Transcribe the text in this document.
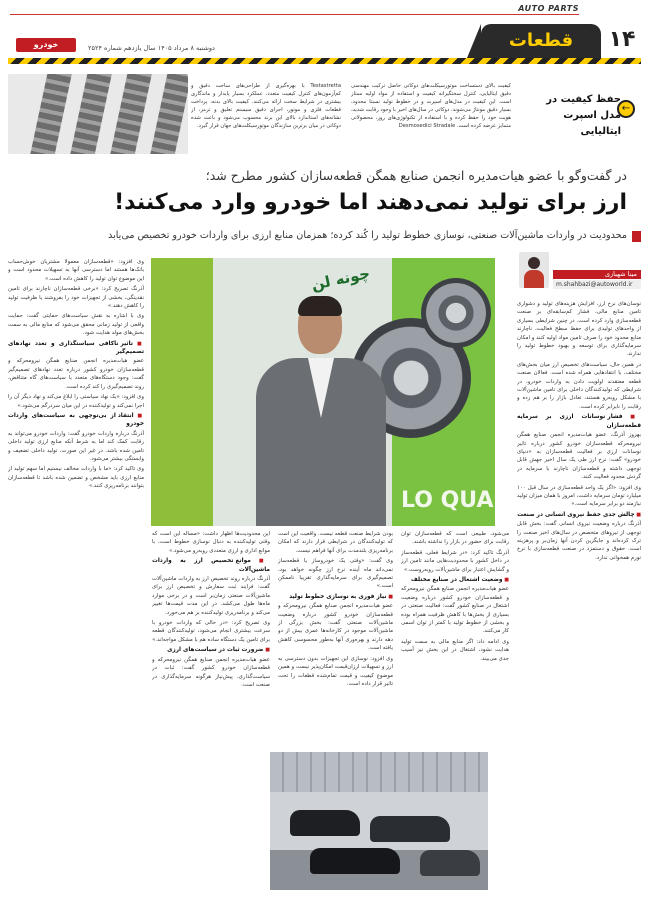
AUTO PARTS
۱۴
قطعات
دوشنبه ۸ مرداد ۱۴۰۵ سال یازدهم شماره ۲۵۲۴
خودرو
←
حفظ کیفیت در مدل اسپرت ایتالیایی
کیفیت بالای دستساخت موتورسیکلت‌های دوکاتی حاصل ترکیب مهندسی دقیق ایتالیایی، کنترل سختگیرانه کیفیت و استفاده از مواد اولیه ممتاز است. این کیفیت در مدل‌های اسپرت و در خطوط تولید نسبتا محدود، بسیار دقیق مونتاژ می‌شوند. دوکاتی در سال‌های اخیر با وجود رقابت شدید، هویت خود را حفظ کرده و با استفاده از تکنولوژی‌های روز، محصولاتی متمایز عرضه کرده است. Desmosedici Stradale
Testastretta با بهره‌گیری از طراحی‌های ساخت دقیق و کم‌آزمون‌های کنترل کیفیت متعدد، عملکرد بسیار پایدار و ماندگاری بیشتری در شرایط سخت ارائه می‌کنند. کیفیت بالای بدنه، پرداخت قطعات فلزی و موتور، اجرای دقیق سیستم تعلیق و ترمز، از نشانه‌های استاندارد بالای این برند محسوب می‌شود و باعث شده دوکاتی در میان برترین سازندگان موتورسیکلت‌های جهان قرار گیرد.
در گفت‌وگو با عضو هیات‌مدیره انجمن صنایع همگن قطعه‌سازان کشور مطرح شد؛
ارز برای تولید نمی‌دهند اما خودرو وارد می‌کنند!
محدودیت در واردات ماشین‌آلات صنعتی، نوسازی خطوط تولید را کُند کرده؛ همزمان منابع ارزی برای واردات خودرو تخصیص می‌یابد
مینا شهبازی
m.shahbazi@autoworld.ir
چونه لن
LO QUA

نوسان‌های نرخ ارز، افزایش هزینه‌های تولید و دشواری تامین منابع مالی، فشار کم‌سابقه‌ای بر صنعت قطعه‌سازی وارد کرده است. در چنین شرایطی بسیاری از واحدهای تولیدی برای حفظ سطح فعالیت، ناچارند منابع محدود خود را صرف تامین مواد اولیه کنند و امکان سرمایه‌گذاری برای توسعه و بهبود خطوط تولید را ندارند.

در همین حال، سیاست‌های تخصیص ارز میان بخش‌های مختلف، با انتقادهایی همراه شده است. فعالان صنعت قطعه معتقدند اولویت دادن به واردات خودرو، در شرایطی که تولیدکنندگان داخلی برای تامین ماشین‌آلات با مشکل روبه‌رو هستند، تعادل بازار را بر هم زده و رقابت را نابرابر کرده است.

■ فشار نوسانات ارزی بر سرمایه قطعه‌سازان

بهروز آذرنگ، عضو هیات‌مدیره انجمن صنایع همگن نیرومحرکه قطعه‌سازان خودرو کشور درباره تاثیر نوسانات ارزی بر فعالیت قطعه‌سازان به «دنیای خودرو» گفت: نرخ ارز طی یک سال اخیر جهش قابل توجهی داشته و قطعه‌سازان ناچارند با سرمایه در گردش محدود فعالیت کنند.

وی افزود: «اگر یک واحد قطعه‌سازی در سال قبل ۱۰۰ میلیارد تومان سرمایه داشت، امروز با همان میزان تولید نیازمند دو برابر سرمایه است.»

■ چالش جدی حفظ نیروی انسانی در صنعت

آذرنگ درباره وضعیت نیروی انسانی گفت: بخش قابل توجهی از نیروهای متخصص در سال‌های اخیر صنعت را ترک کرده‌اند و جایگزین کردن آنها زمان‌بر و پرهزینه است. حقوق و دستمزد در صنعت قطعه‌سازی با نرخ تورم همخوانی ندارد.

می‌شود، طبیعی است که قطعه‌سازان توان رقابت برای حضور در بازار را نداشته باشند.

آذرنگ تاکید کرد: «در شرایط فعلی، قطعه‌ساز در داخل کشور با محدودیت‌هایی مانند تامین ارز و گشایش اعتبار برای ماشین‌آلات روبه‌روست.»

■ وضعیت اشتغال در صنایع مختلف

عضو هیات‌مدیره انجمن صنایع همگن نیرومحرکه و قطعه‌سازان خودرو کشور درباره وضعیت اشتغال در صنایع کشور گفت: فعالیت صنعتی در بسیاری از بخش‌ها با کاهش ظرفیت همراه بوده و بخشی از خطوط تولید با کمتر از توان اسمی کار می‌کنند.

وی ادامه داد: اگر منابع مالی به سمت تولید هدایت نشود، اشتغال در این بخش نیز آسیب جدی می‌بیند.

بودن شرایط صنعت قطعه نیست. واقعیت این است که تولیدکنندگان در شرایطی قرار دارند که امکان برنامه‌ریزی بلندمدت برای آنها فراهم نیست.

وی گفت: «وقتی یک خودروساز یا قطعه‌ساز نمی‌داند ماه آینده نرخ ارز چگونه خواهد بود، تصمیم‌گیری برای سرمایه‌گذاری تقریبا ناممکن است.»

■ نیاز فوری به نوسازی خطوط تولید

عضو هیات‌مدیره انجمن صنایع همگن نیرومحرکه و قطعه‌سازان خودرو کشور درباره وضعیت ماشین‌آلات صنعتی گفت: بخش بزرگی از ماشین‌آلات موجود در کارخانه‌ها عمری بیش از دو دهه دارند و بهره‌وری آنها به‌طور محسوسی کاهش یافته است.

وی افزود: نوسازی این تجهیزات بدون دسترسی به ارز و تسهیلات ارزان‌قیمت امکان‌پذیر نیست و همین موضوع کیفیت و قیمت تمام‌شده قطعات را تحت تاثیر قرار داده است.

این محدودیت‌ها اظهار داشت: «مساله این است که وقتی تولیدکننده به دنبال نوسازی خطوط است، با موانع اداری و ارزی متعددی روبه‌رو می‌شود.»

■ موانع تخصیص ارز به واردات ماشین‌آلات

آذرنگ درباره روند تخصیص ارز به واردات ماشین‌آلات گفت: فرایند ثبت سفارش و تخصیص ارز برای ماشین‌آلات صنعتی زمان‌بر است و در برخی موارد ماه‌ها طول می‌کشد. در این مدت قیمت‌ها تغییر می‌کند و برنامه‌ریزی تولیدکننده بر هم می‌خورد.

وی تصریح کرد: «در حالی که واردات خودرو با سرعت بیشتری انجام می‌شود، تولیدکنندگان قطعه برای تامین یک دستگاه ساده هم با مشکل مواجه‌اند.»

■ ضرورت ثبات در سیاست‌های ارزی

عضو هیات‌مدیره انجمن صنایع همگن نیرومحرکه و قطعه‌سازان خودرو کشور گفت: ثبات در سیاست‌گذاری، پیش‌نیاز هرگونه سرمایه‌گذاری در صنعت است.

وی افزود: «قطعه‌سازان معمولا مشتریان خوش‌حساب بانک‌ها هستند اما دسترسی آنها به تسهیلات محدود است و این موضوع توان تولید را کاهش داده است.»

آذرنگ تصریح کرد: «برخی قطعه‌سازان ناچارند برای تامین نقدینگی، بخشی از تجهیزات خود را بفروشند یا ظرفیت تولید را کاهش دهند.»

وی با اشاره به نقش سیاست‌های حمایتی گفت: حمایت واقعی از تولید زمانی محقق می‌شود که منابع مالی به سمت بخش‌های مولد هدایت شود.

■ تاثیر ناکافی سیاستگذاری و تعدد نهادهای تصمیم‌گیر

عضو هیات‌مدیره انجمن صنایع همگن نیرومحرکه و قطعه‌سازان خودرو کشور درباره تعدد نهادهای تصمیم‌گیر گفت: وجود دستگاه‌های متعدد با سیاست‌های گاه متناقض، روند تصمیم‌گیری را کند کرده است.

وی افزود: «یک نهاد سیاستی را ابلاغ می‌کند و نهاد دیگر آن را اجرا نمی‌کند و تولیدکننده در این میان سردرگم می‌شود.»

■ انتقاد از بی‌توجهی به سیاست‌های واردات خودرو

آذرنگ درباره واردات خودرو گفت: واردات خودرو می‌تواند به رقابت کمک کند اما به شرط آنکه منابع ارزی تولید داخلی تامین شده باشد. در غیر این صورت، تولید داخلی تضعیف و وابستگی بیشتر می‌شود.

وی تاکید کرد: «ما با واردات مخالف نیستیم اما سهم تولید از منابع ارزی باید مشخص و تضمین شده باشد تا قطعه‌سازان بتوانند برنامه‌ریزی کنند.»
